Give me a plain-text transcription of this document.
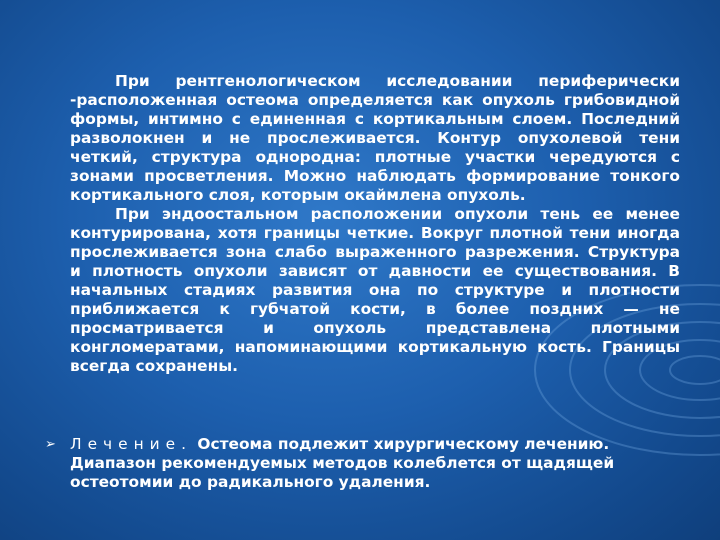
При рентгенологическом исследовании периферически -расположенная остеома определяется как опухоль грибовидной формы, интимно с единенная с кортикальным слоем. Последний разволокнен и не прослеживается. Контур опухолевой тени четкий, структура однородна: плотные участки чередуются с зонами просветления. Можно наблюдать формирование тонкого кортикального слоя, которым окаймлена опухоль.

При эндоостальном расположении опухоли тень ее менее контурирована, хотя границы четкие. Вокруг плотной тени иногда прослеживается зона слабо выраженного разрежения. Структура и плотность опухоли зависят от давности ее существования. В начальных стадиях развития она по структуре и плотности приближается к губчатой кости, в более поздних — не просматривается и опухоль представлена плотными конгломератами, напоминающими кортикальную кость. Границы всегда сохранены.

➢ Лечение. Остеома подлежит хирургическому лечению. Диапазон рекомендуемых методов колеблется от щадящей остеотомии до радикального удаления.
